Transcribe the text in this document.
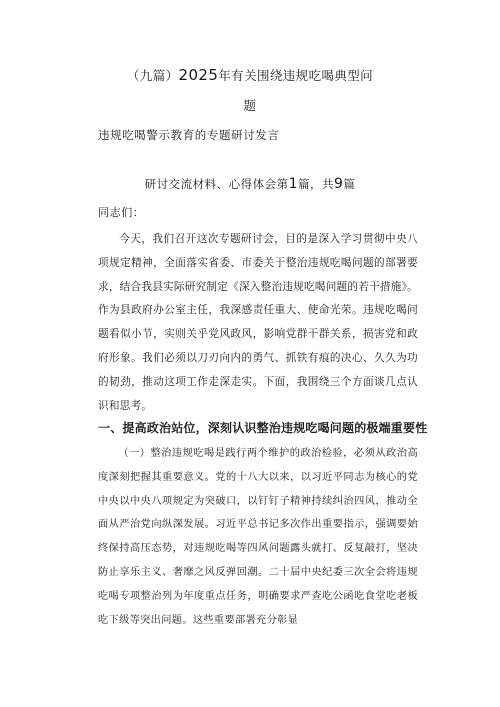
（九篇）2025年有关围绕违规吃喝典型问
题
违规吃喝警示教育的专题研讨发言
研讨交流材料、心得体会第1篇，共9篇
同志们：
今天，我们召开这次专题研讨会，目的是深入学习贯彻中央八项规定精神，全面落实省委、市委关于整治违规吃喝问题的部署要求，结合我县实际研究制定《深入整治违规吃喝问题的若干措施》。作为县政府办公室主任，我深感责任重大、使命光荣。违规吃喝问题看似小节，实则关乎党风政风，影响党群干群关系，损害党和政府形象。我们必须以刀刃向内的勇气、抓铁有痕的决心、久久为功的韧劲，推动这项工作走深走实。下面，我围绕三个方面谈几点认识和思考。
一、提高政治站位，深刻认识整治违规吃喝问题的极端重要性
（一）整治违规吃喝是践行两个维护的政治检验，必须从政治高度深刻把握其重要意义。党的十八大以来，以习近平同志为核心的党中央以中央八项规定为突破口，以钉钉子精神持续纠治四风，推动全面从严治党向纵深发展。习近平总书记多次作出重要指示，强调要始终保持高压态势，对违规吃喝等四风问题露头就打、反复敲打，坚决防止享乐主义、奢靡之风反弹回潮。二十届中央纪委三次全会将违规吃喝专项整治列为年度重点任务，明确要求严查吃公函吃食堂吃老板吃下级等突出问题。这些重要部署充分彰显
